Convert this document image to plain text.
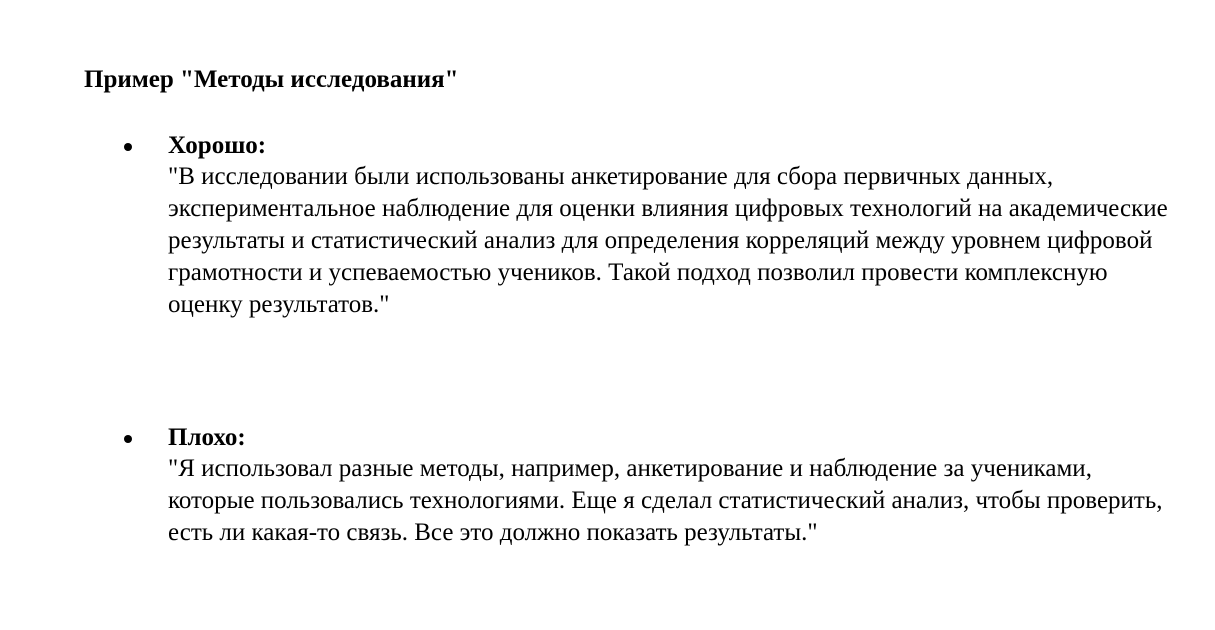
Пример "Методы исследования"
Хорошо:

"В исследовании были использованы анкетирование для сбора первичных данных, экспериментальное наблюдение для оценки влияния цифровых технологий на академические результаты и статистический анализ для определения корреляций между уровнем цифровой грамотности и успеваемостью учеников. Такой подход позволил провести комплексную оценку результатов."

Плохо:

"Я использовал разные методы, например, анкетирование и наблюдение за учениками, которые пользовались технологиями. Еще я сделал статистический анализ, чтобы проверить, есть ли какая-то связь. Все это должно показать результаты."
